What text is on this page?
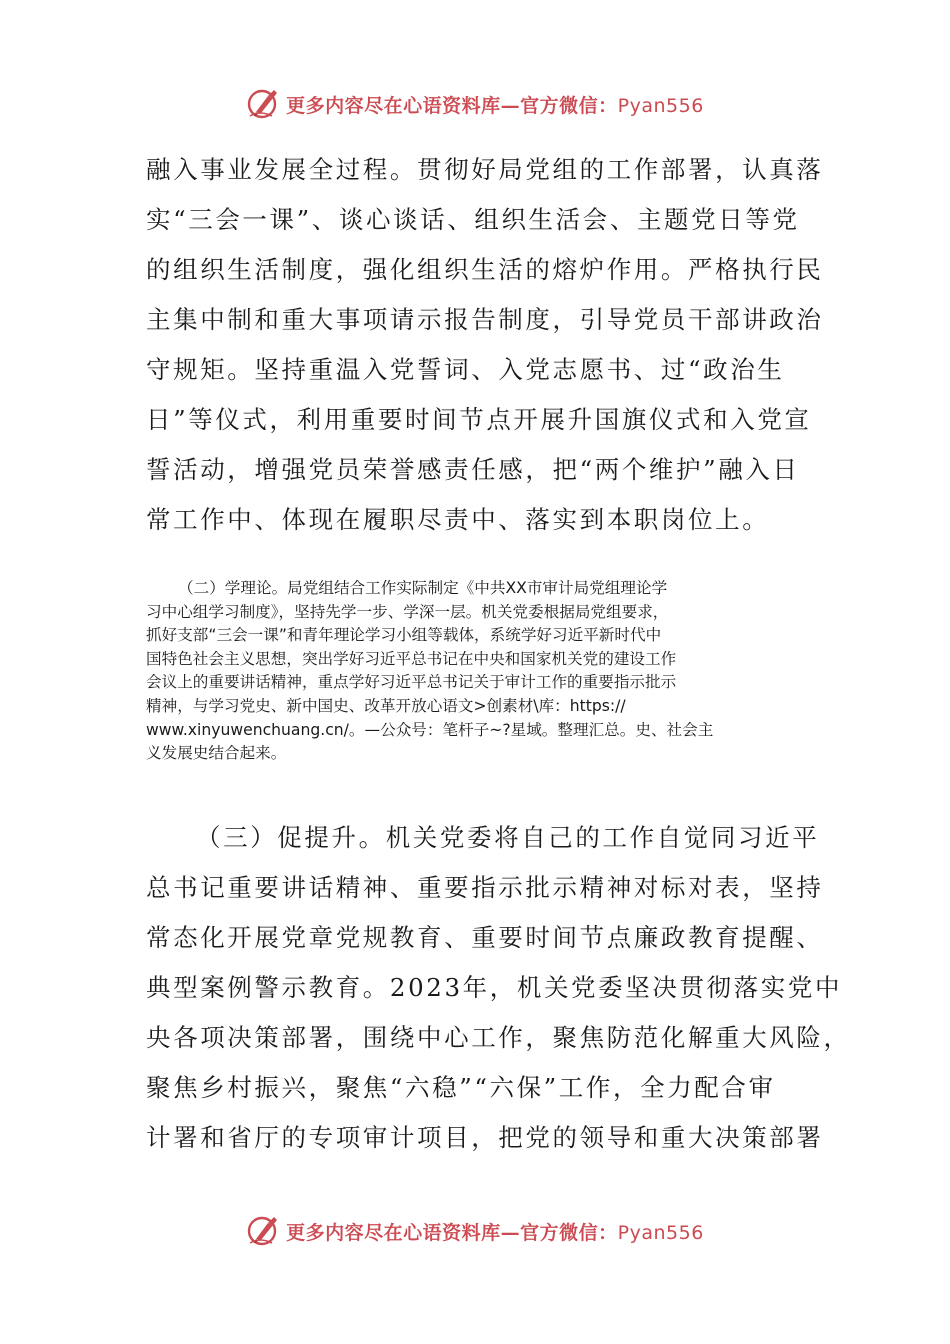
更多内容尽在心语资料库—官方微信：Pyan556
融入事业发展全过程。贯彻好局党组的工作部署，认真落
实“三会一课”、谈心谈话、组织生活会、主题党日等党
的组织生活制度，强化组织生活的熔炉作用。严格执行民
主集中制和重大事项请示报告制度，引导党员干部讲政治
守规矩。坚持重温入党誓词、入党志愿书、过“政治生
日”等仪式，利用重要时间节点开展升国旗仪式和入党宣
誓活动，增强党员荣誉感责任感，把“两个维护”融入日
常工作中、体现在履职尽责中、落实到本职岗位上。
（二）学理论。局党组结合工作实际制定《中共XX市审计局党组理论学
习中心组学习制度》，坚持先学一步、学深一层。机关党委根据局党组要求，
抓好支部“三会一课”和青年理论学习小组等载体，系统学好习近平新时代中
国特色社会主义思想，突出学好习近平总书记在中央和国家机关党的建设工作
会议上的重要讲话精神，重点学好习近平总书记关于审计工作的重要指示批示
精神，与学习党史、新中国史、改革开放心语文>创素材\库：https://
www.xinyuwenchuang.cn/。—公众号：笔杆子~?星域。整理汇总。史、社会主
义发展史结合起来。
（三）促提升。机关党委将自己的工作自觉同习近平
总书记重要讲话精神、重要指示批示精神对标对表，坚持
常态化开展党章党规教育、重要时间节点廉政教育提醒、
典型案例警示教育。2023年，机关党委坚决贯彻落实党中
央各项决策部署，围绕中心工作，聚焦防范化解重大风险，
聚焦乡村振兴，聚焦“六稳”“六保”工作，全力配合审
计署和省厅的专项审计项目，把党的领导和重大决策部署
更多内容尽在心语资料库—官方微信：Pyan556
